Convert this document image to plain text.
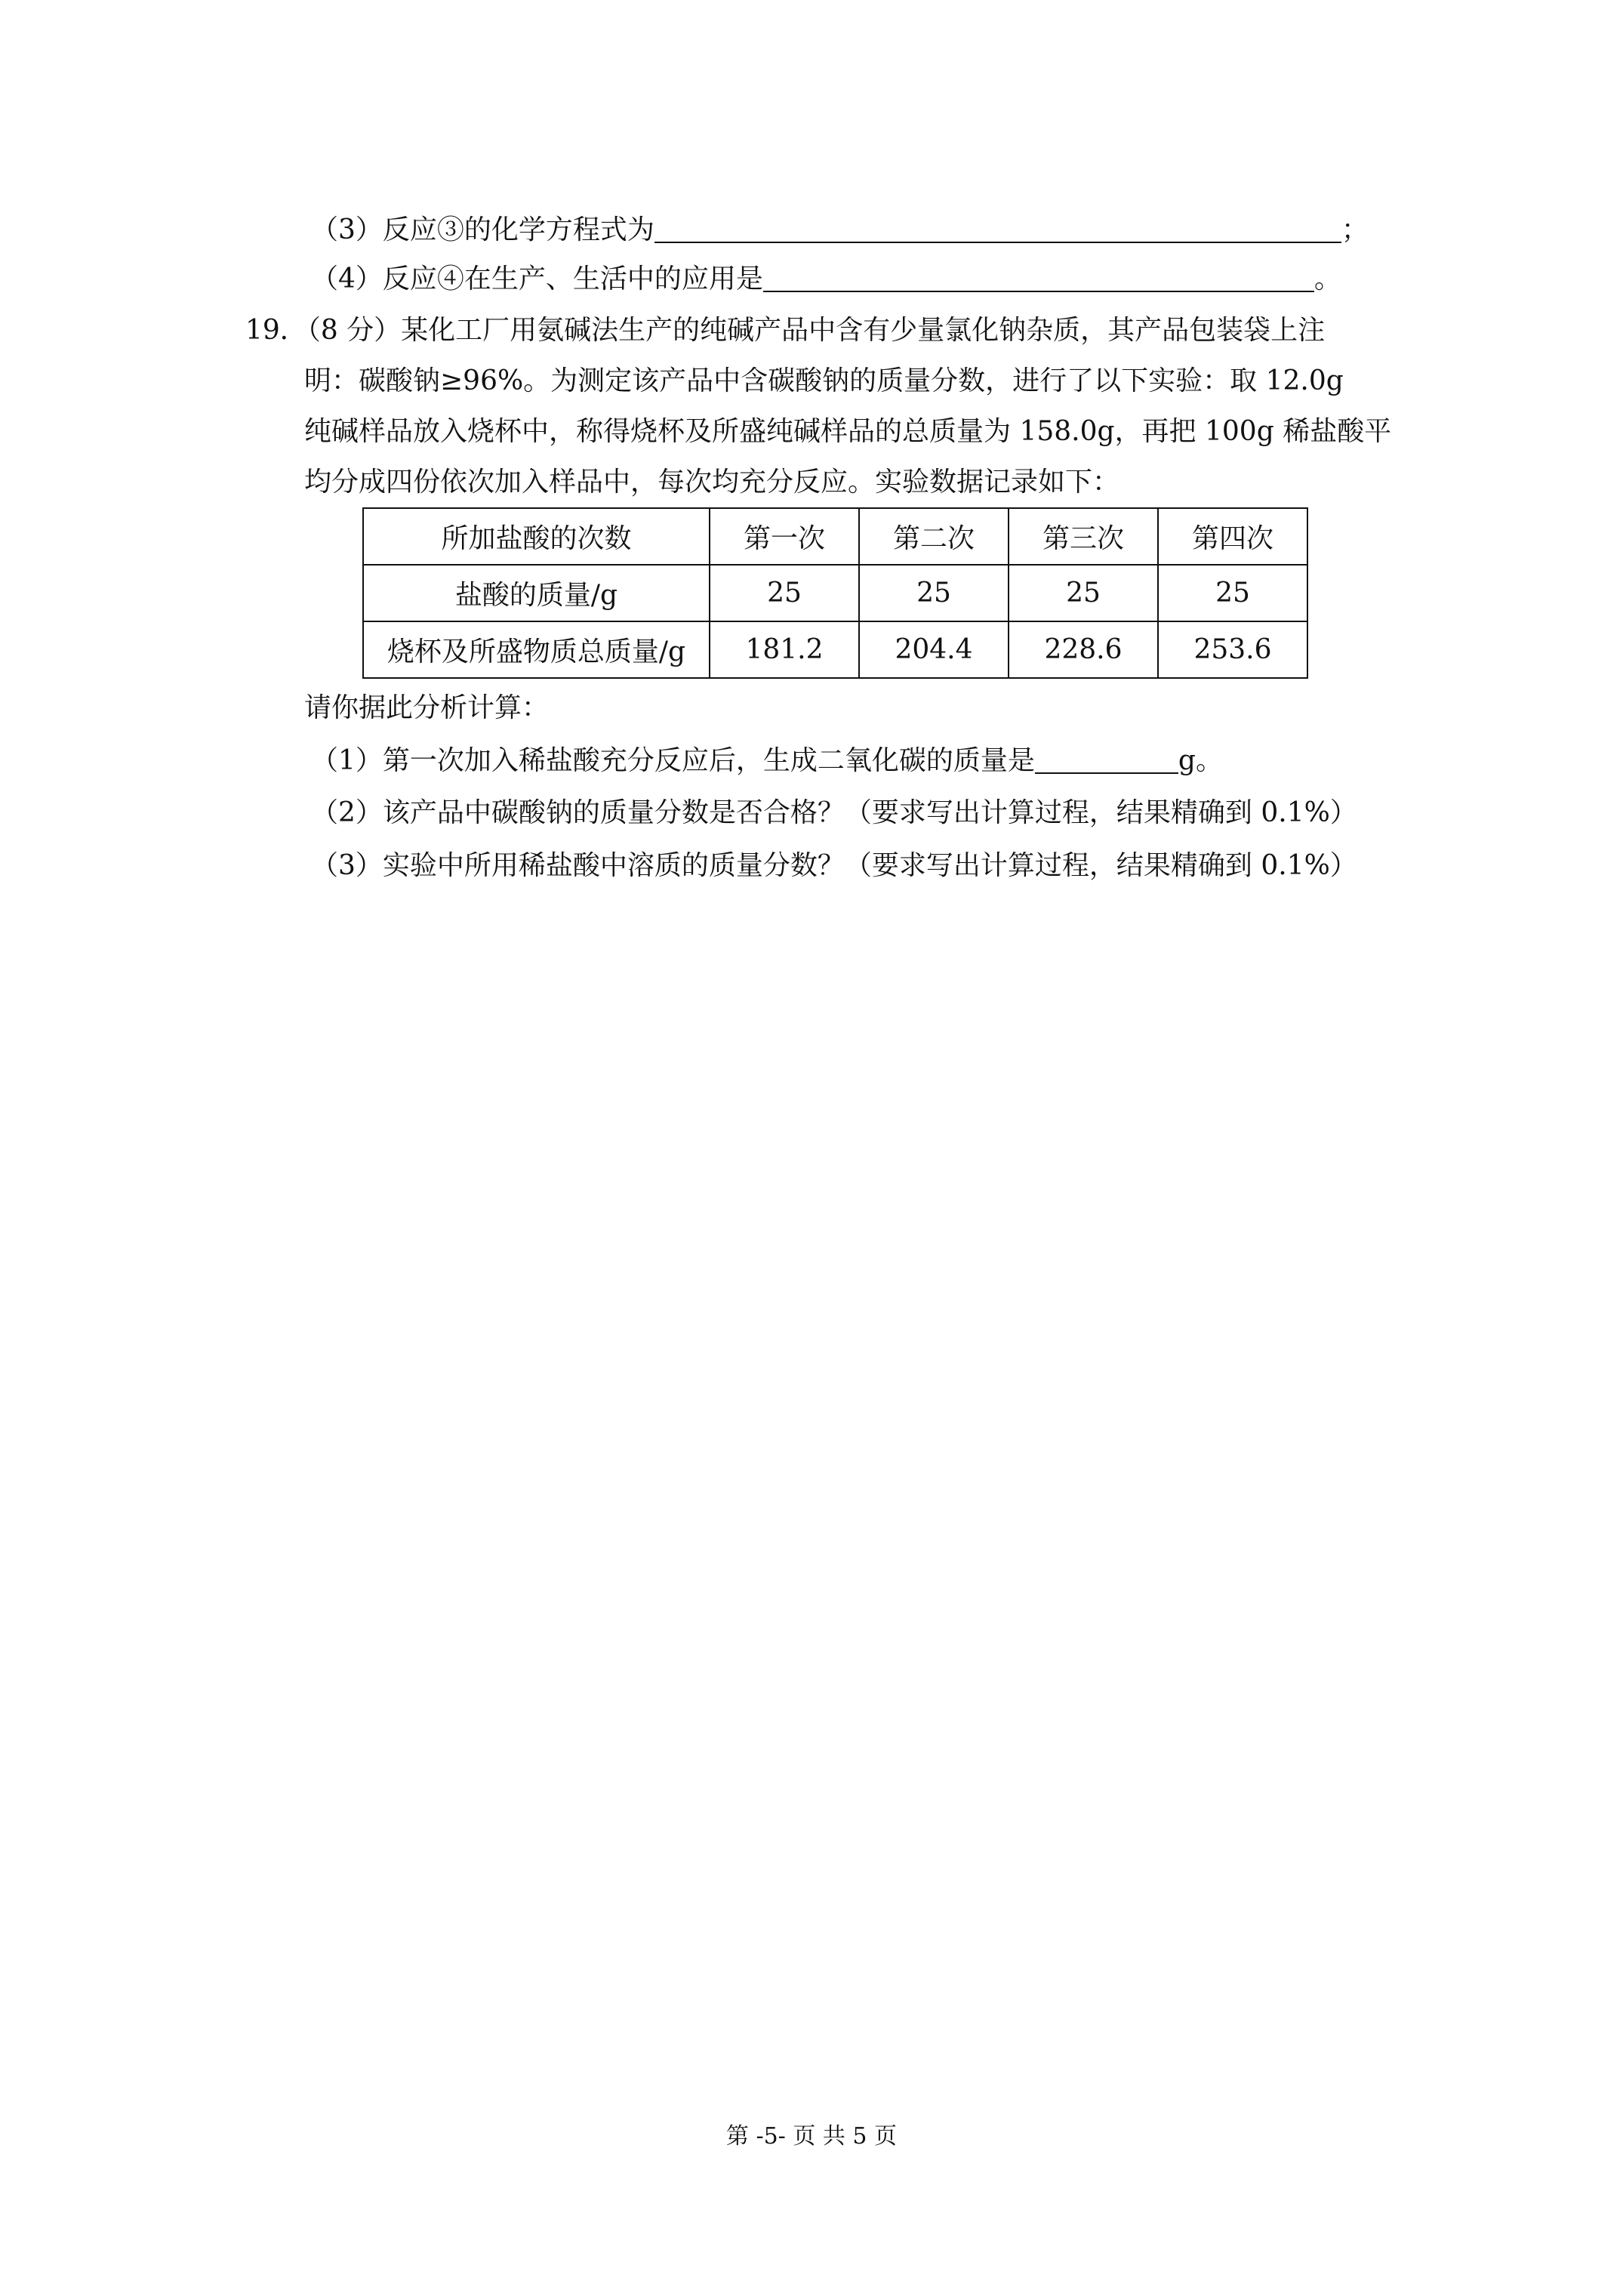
（3）反应③的化学方程式为	；
（4）反应④在生产、生活中的应用是	。
19．（8 分）某化工厂用氨碱法生产的纯碱产品中含有少量氯化钠杂质，其产品包装袋上注
明：碳酸钠≥96%。为测定该产品中含碳酸钠的质量分数，进行了以下实验：取 12.0g
纯碱样品放入烧杯中，称得烧杯及所盛纯碱样品的总质量为 158.0g，再把 100g 稀盐酸平
均分成四份依次加入样品中，每次均充分反应。实验数据记录如下：
所加盐酸的次数	第一次	第二次	第三次	第四次
盐酸的质量/g	25	25	25	25
烧杯及所盛物质总质量/g	181.2	204.4	228.6	253.6
请你据此分析计算：
（1）第一次加入稀盐酸充分反应后，生成二氧化碳的质量是	g。
（2）该产品中碳酸钠的质量分数是否合格？（要求写出计算过程，结果精确到 0.1%）
（3）实验中所用稀盐酸中溶质的质量分数？（要求写出计算过程，结果精确到 0.1%）
第 -5- 页 共 5 页
